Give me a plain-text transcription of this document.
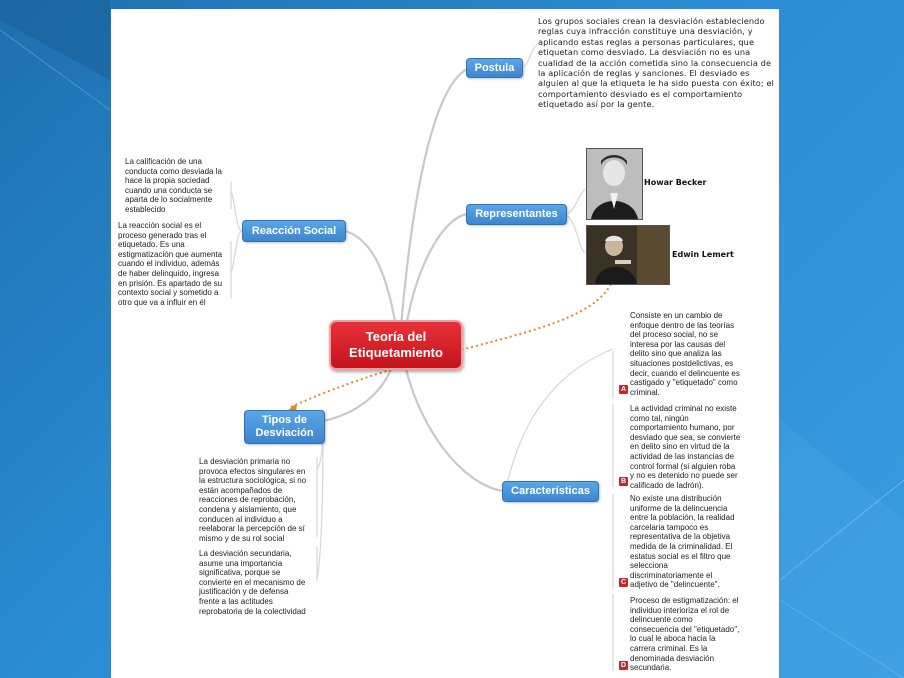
Teoría del
Etiquetamiento
Postula
Representantes
Reacción Social
Tipos de
Desviación
Características
Los grupos sociales crean la desviación estableciendo
reglas cuya infracción constituye una desviación, y
aplicando estas reglas a personas particulares, que
etiquetan como desviado. La desviación no es una
cualidad de la acción cometida sino la consecuencia de
la aplicación de reglas y sanciones. El desviado es
alguien al que la etiqueta le ha sido puesta con éxito; el
comportamiento desviado es el comportamiento
etiquetado así por la gente.
Howar Becker
Edwin Lemert
La calificación de una
conducta como desviada la
hace la propia sociedad
cuando una conducta se
aparta de lo socialmente
establecido
La reacción social es el
proceso generado tras el
etiquetado. Es una
estigmatización que aumenta
cuando el individuo, además
de haber delinquido, ingresa
en prisión. Es apartado de su
contexto social y sometido a
otro que va a influir en él
La desviación primaria no
provoca efectos singulares en
la estructura sociológica, si no
están acompañados de
reacciones de reprobación,
condena y aislamiento, que
conducen al individuo a
reelaborar la percepción de sí
mismo y de su rol social
La desviación secundaria,
asume una importancia
significativa, porque se
convierte en el mecanismo de
justificación y de defensa
frente a las actitudes
reprobatoria de la colectividad
Consiste en un cambio de
enfoque dentro de las teorías
del proceso social, no se
interesa por las causas del
delito sino que analiza las
situaciones postdelictivas, es
decir, cuando el delincuente es
castigado y "etiquetado" como
criminal.
A
La actividad criminal no existe
como tal, ningún
comportamiento humano, por
desviado que sea, se convierte
en delito sino en virtud de la
actividad de las instancias de
control formal (si alguien roba
y no es detenido no puede ser
calificado de ladrón).
B
No existe una distribución
uniforme de la delincuencia
entre la población, la realidad
carcelaria tampoco es
representativa de la objetiva
medida de la criminalidad. El
estatus social es el filtro que
selecciona
discriminatoriamente el
adjetivo de "delincuente".
C
Proceso de estigmatización: el
individuo interioriza el rol de
delincuente como
consecuencia del "etiquetado",
lo cual le aboca hacia la
carrera criminal. Es la
denominada desviación
secundaria.
D
